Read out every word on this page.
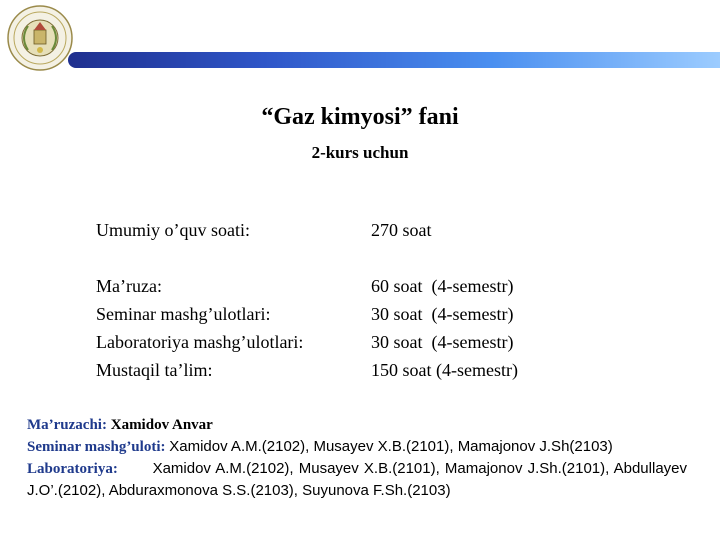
“Gaz kimyosi” fani
2-kurs uchun

Umumiy o’quv soati:	270 soat

Ma’ruza:	60 soat  (4-semestr)

Seminar mashg’ulotlari:	30 soat  (4-semestr)

Laboratoriya mashg’ulotlari:	30 soat  (4-semestr)

Mustaqil ta’lim:	150 soat (4-semestr)

Ma’ruzachi: Xamidov Anvar
Seminar mashg’uloti: Xamidov A.M.(2102), Musayev X.B.(2101), Mamajonov J.Sh(2103)
Laboratoriya: Xamidov A.M.(2102), Musayev X.B.(2101), Mamajonov J.Sh.(2101), Abdullayev J.O’.(2102), Abduraxmonova S.S.(2103), Suyunova F.Sh.(2103)
